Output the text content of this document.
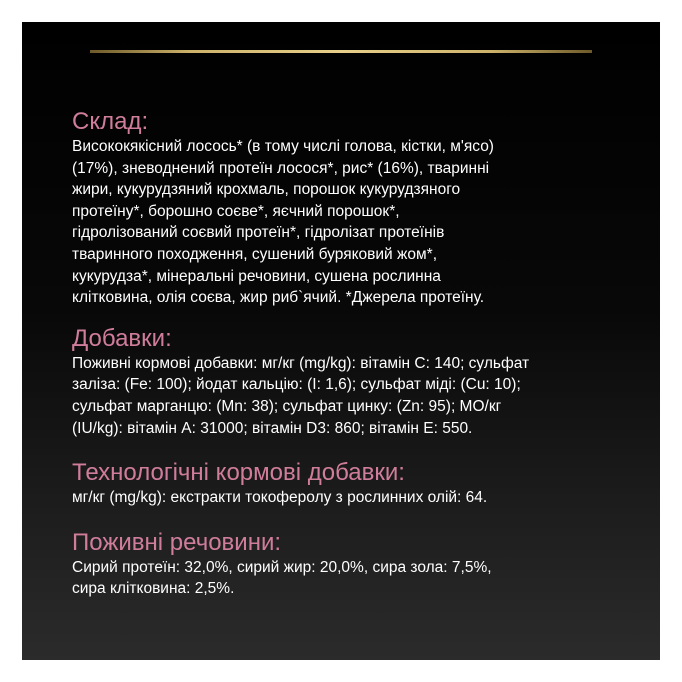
Склад:
Висококякісний лосось* (в тому числі голова, кістки, м'ясо)
(17%), зневоднений протеїн лосося*, рис* (16%), тваринні
жири, кукурудзяний крохмаль, порошок кукурудзяного
протеїну*, борошно соєве*, яєчний порошок*,
гідролізований соєвий протеїн*, гідролізат протеїнів
тваринного походження, сушений буряковий жом*,
кукурудза*, мінеральні речовини, сушена рослинна
клітковина, олія соєва, жир риб`ячий. *Джерела протеїну.
Добавки:
Поживні кормові добавки: мг/кг (mg/kg): вітамін C: 140; сульфат
заліза: (Fe: 100); йодат кальцію: (I: 1,6); сульфат міді: (Cu: 10);
сульфат марганцю: (Mn: 38); сульфат цинку: (Zn: 95); МО/кг
(IU/kg): вітамін A: 31000; вітамін D3: 860; вітамін E: 550.
Технологічні кормові добавки:
мг/кг (mg/kg): екстракти токоферолу з рослинних олій: 64.
Поживні речовини:
Сирий протеїн: 32,0%, сирий жир: 20,0%, сира зола: 7,5%,
сира клітковина: 2,5%.
